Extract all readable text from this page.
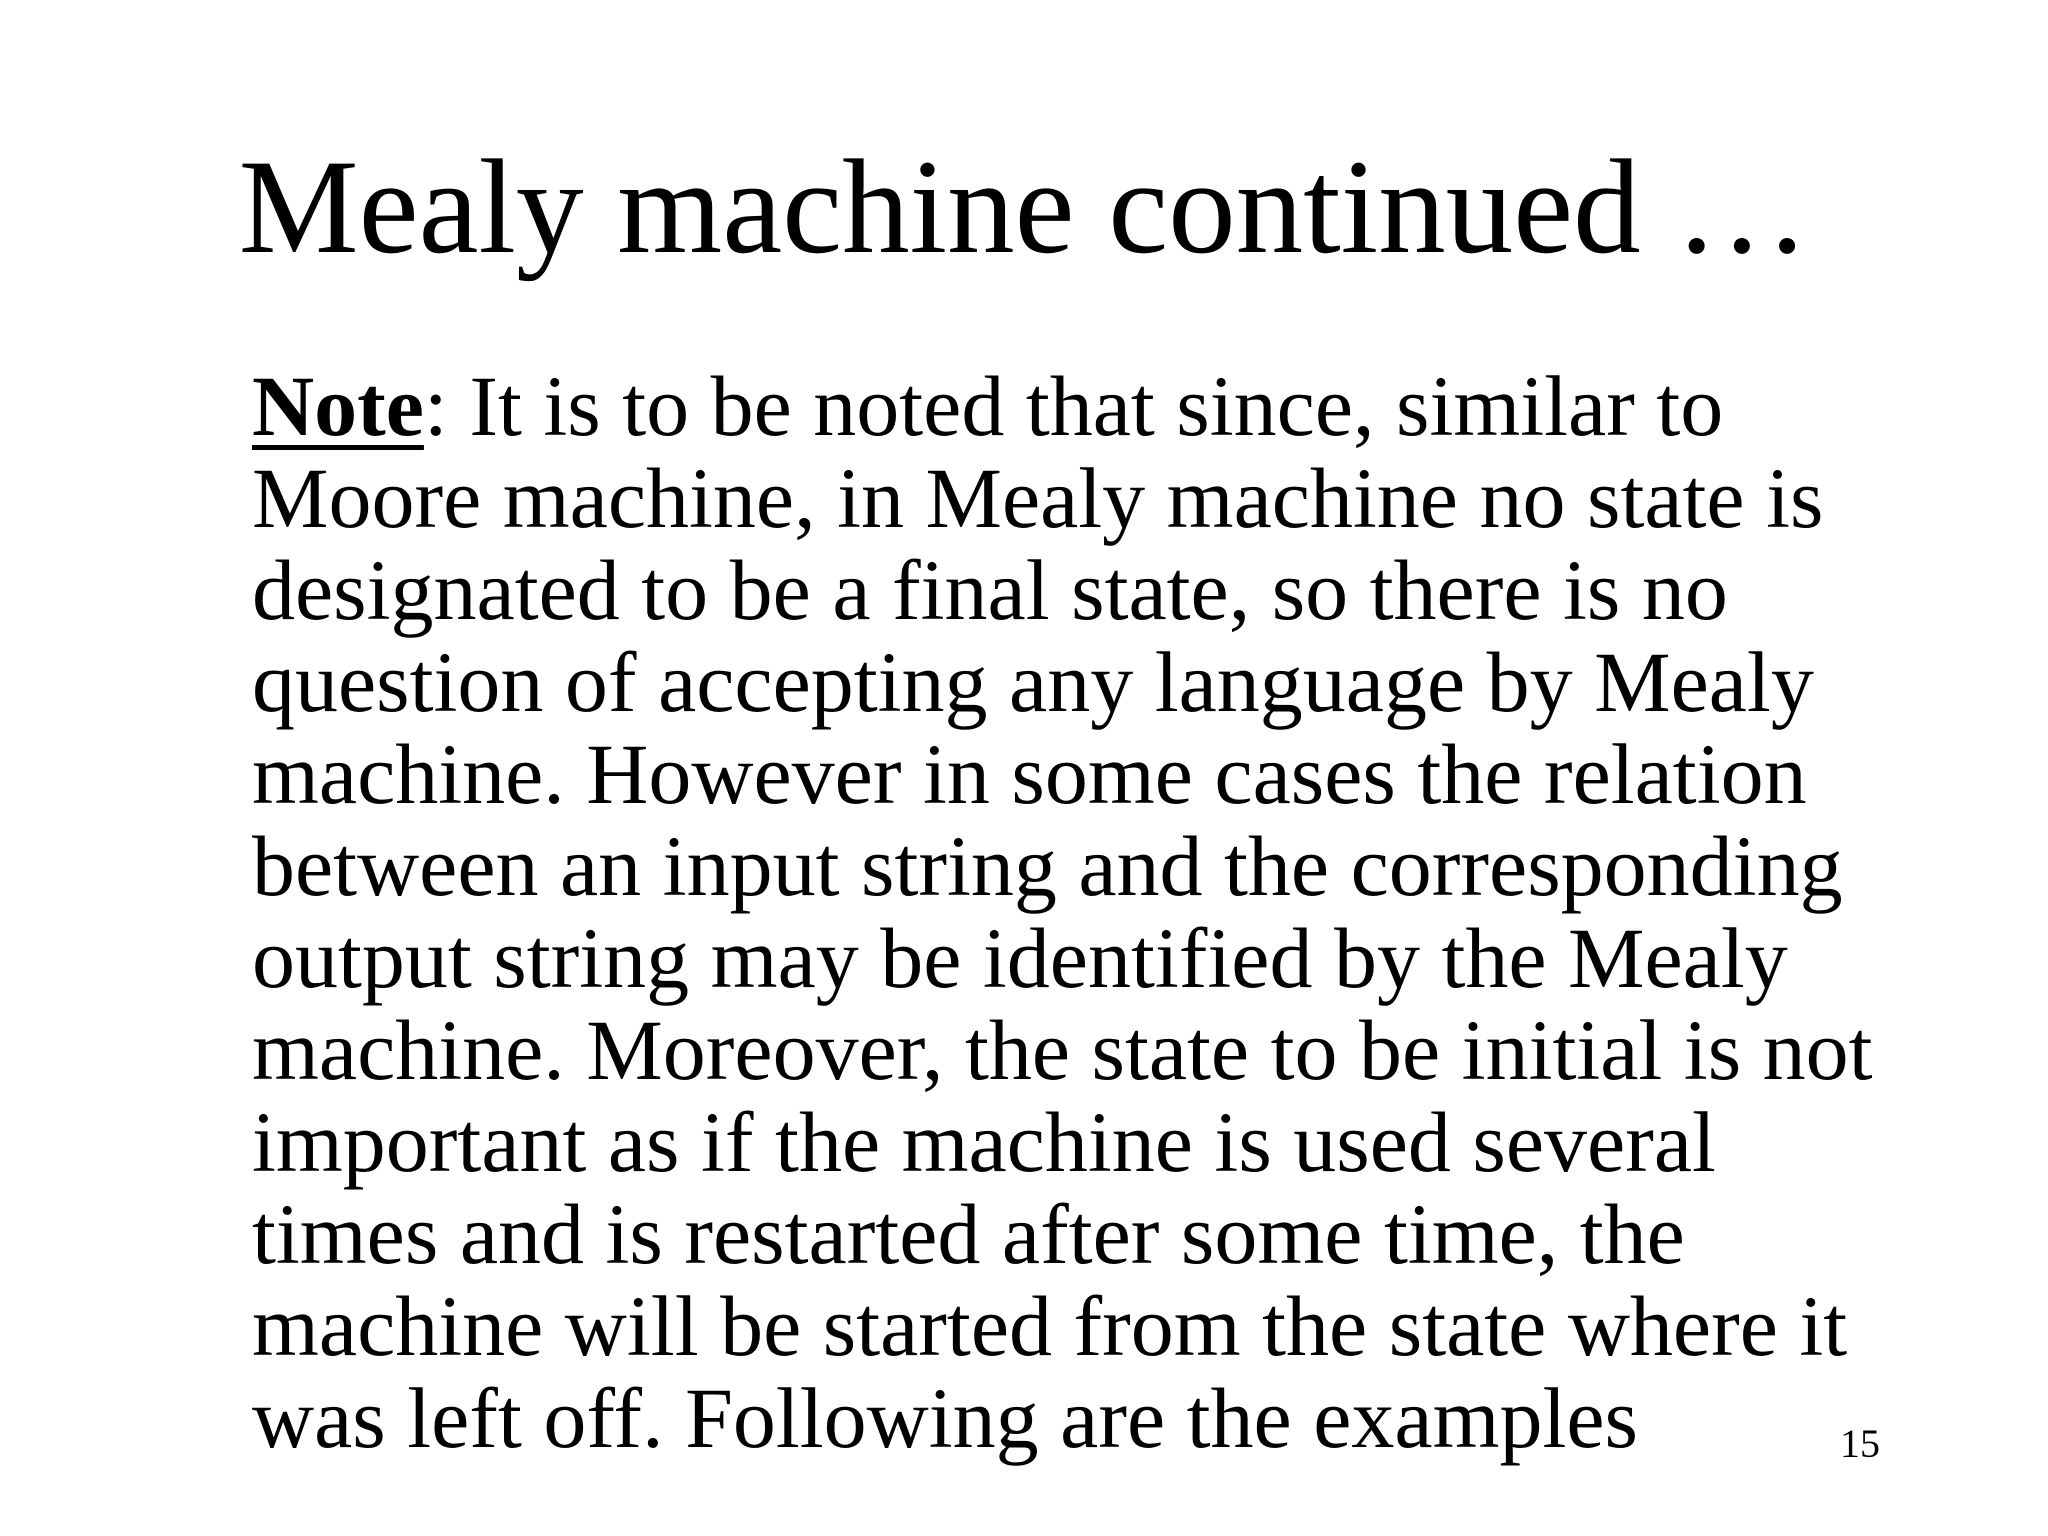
Mealy machine continued …
Note: It is to be noted that since, similar to
Moore machine, in Mealy machine no state is
designated to be a final state, so there is no
question of accepting any language by Mealy
machine. However in some cases the relation
between an input string and the corresponding
output string may be identified by the Mealy
machine. Moreover, the state to be initial is not
important as if the machine is used several
times and is restarted after some time, the
machine will be started from the state where it
was left off. Following are the examples	15
